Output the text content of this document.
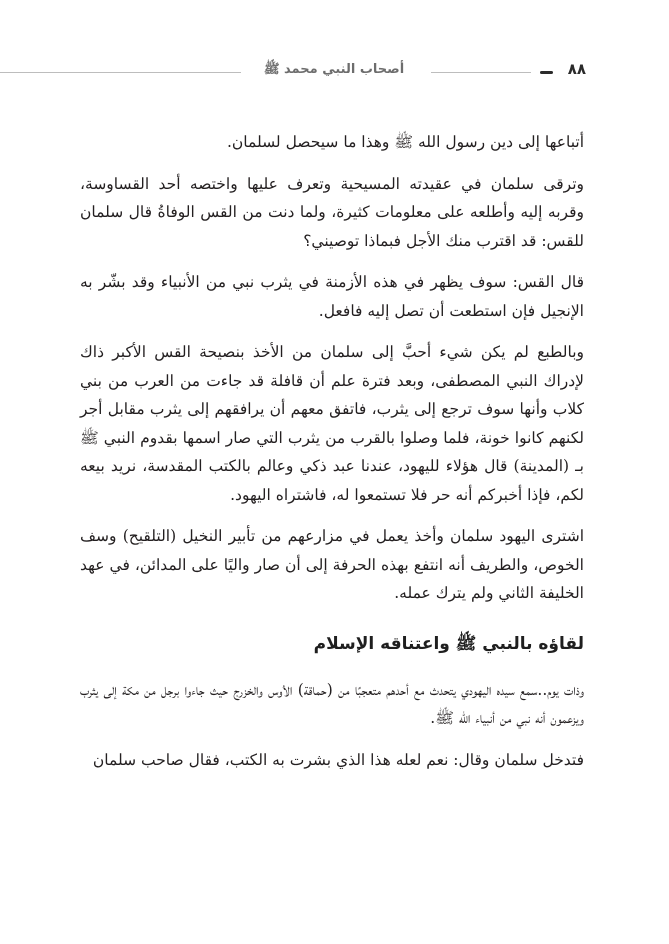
٨٨
أصحاب النبي محمد ﷺ

أتباعها إلى دين رسول الله ﷺ وهذا ما سيحصل لسلمان.

وترقى سلمان في عقيدته المسيحية وتعرف عليها واختصه أحد القساوسة، وقربه إليه وأطلعه على معلومات كثيرة، ولما دنت من القس الوفاةُ قال سلمان للقس: قد اقترب منك الأجل فبماذا توصيني؟

قال القس: سوف يظهر في هذه الأزمنة في يثرب نبي من الأنبياء وقد بشّر به الإنجيل فإن استطعت أن تصل إليه فافعل.

وبالطبع لم يكن شيء أحبَّ إلى سلمان من الأخذ بنصيحة القس الأكبر ذاك لإدراك النبي المصطفى، وبعد فترة علم أن قافلة قد جاءت من العرب من بني كلاب وأنها سوف ترجع إلى يثرب، فاتفق معهم أن يرافقهم إلى يثرب مقابل أجر لكنهم كانوا خونة، فلما وصلوا بالقرب من يثرب التي صار اسمها بقدوم النبي ﷺ بـ (المدينة) قال هؤلاء لليهود، عندنا عبد ذكي وعالم بالكتب المقدسة، نريد بيعه لكم، فإذا أخبركم أنه حر فلا تستمعوا له، فاشتراه اليهود.

اشترى اليهود سلمان وأخذ يعمل في مزارعهم من تأبير النخيل (التلقيح) وسف الخوص، والطريف أنه انتفع بهذه الحرفة إلى أن صار واليًا على المدائن، في عهد الخليفة الثاني ولم يترك عمله.

لقاؤه بالنبي ﷺ واعتناقه الإسلام

وذات يوم..سمع سيده اليهودي يتحدث مع أحدهم متعجبًا من (حماقة) الأوس والخزرج حيث جاءوا برجل من مكة إلى يثرب ويزعمون أنه نبي من أنبياء الله ﷺ.

فتدخل سلمان وقال: نعم لعله هذا الذي بشرت به الكتب، فقال صاحب سلمان
